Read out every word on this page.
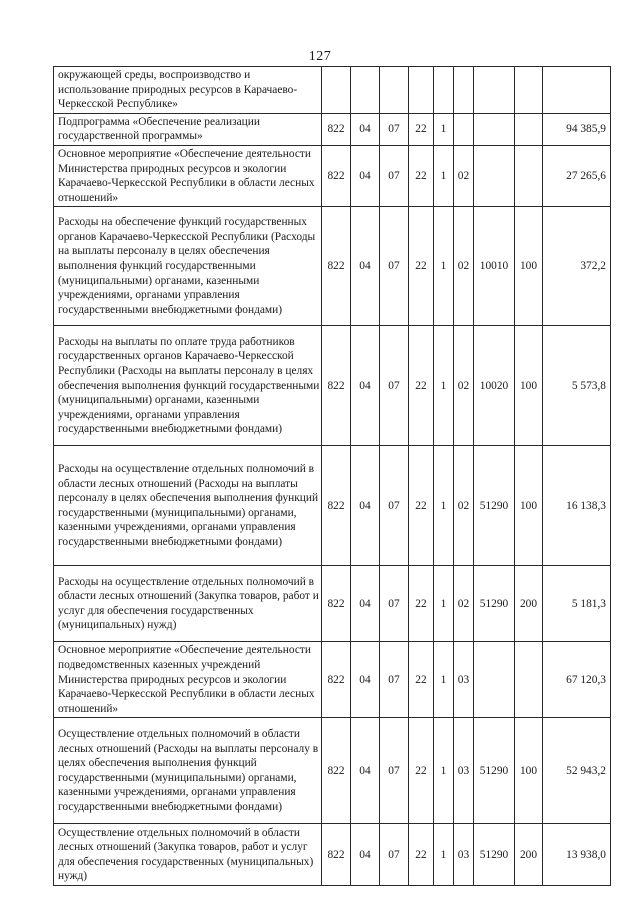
127
окружающей среды, воспроизводство и использование природных ресурсов в Карачаево-Черкесской Республике»									

Подпрограмма «Обеспечение реализации государственной программы»	822	04	07	22	1				94 385,9

Основное мероприятие «Обеспечение деятельности Министерства природных ресурсов и экологии Карачаево-Черкесской Республики в области лесных отношений»	822	04	07	22	1	02			27 265,6

Расходы на обеспечение функций государственных органов Карачаево-Черкесской Республики (Расходы на выплаты персоналу в целях обеспечения выполнения функций государственными (муниципальными) органами, казенными учреждениями, органами управления государственными внебюджетными фондами)	822	04	07	22	1	02	10010	100	372,2

Расходы на выплаты по оплате труда работников государственных органов Карачаево-Черкесской Республики (Расходы на выплаты персоналу в целях обеспечения выполнения функций государственными (муниципальными) органами, казенными учреждениями, органами управления государственными внебюджетными фондами)	822	04	07	22	1	02	10020	100	5 573,8

Расходы на осуществление отдельных полномочий в области лесных отношений (Расходы на выплаты персоналу в целях обеспечения выполнения функций государственными (муниципальными) органами, казенными учреждениями, органами управления государственными внебюджетными фондами)	822	04	07	22	1	02	51290	100	16 138,3

Расходы на осуществление отдельных полномочий в области лесных отношений (Закупка товаров, работ и услуг для обеспечения государственных (муниципальных) нужд)	822	04	07	22	1	02	51290	200	5 181,3

Основное мероприятие «Обеспечение деятельности подведомственных казенных учреждений Министерства природных ресурсов и экологии Карачаево-Черкесской Республики в области лесных отношений»	822	04	07	22	1	03			67 120,3

Осуществление отдельных полномочий в области лесных отношений (Расходы на выплаты персоналу в целях обеспечения выполнения функций государственными (муниципальными) органами, казенными учреждениями, органами управления государственными внебюджетными фондами)	822	04	07	22	1	03	51290	100	52 943,2

Осуществление отдельных полномочий в области лесных отношений (Закупка товаров, работ и услуг для обеспечения государственных (муниципальных) нужд)	822	04	07	22	1	03	51290	200	13 938,0
